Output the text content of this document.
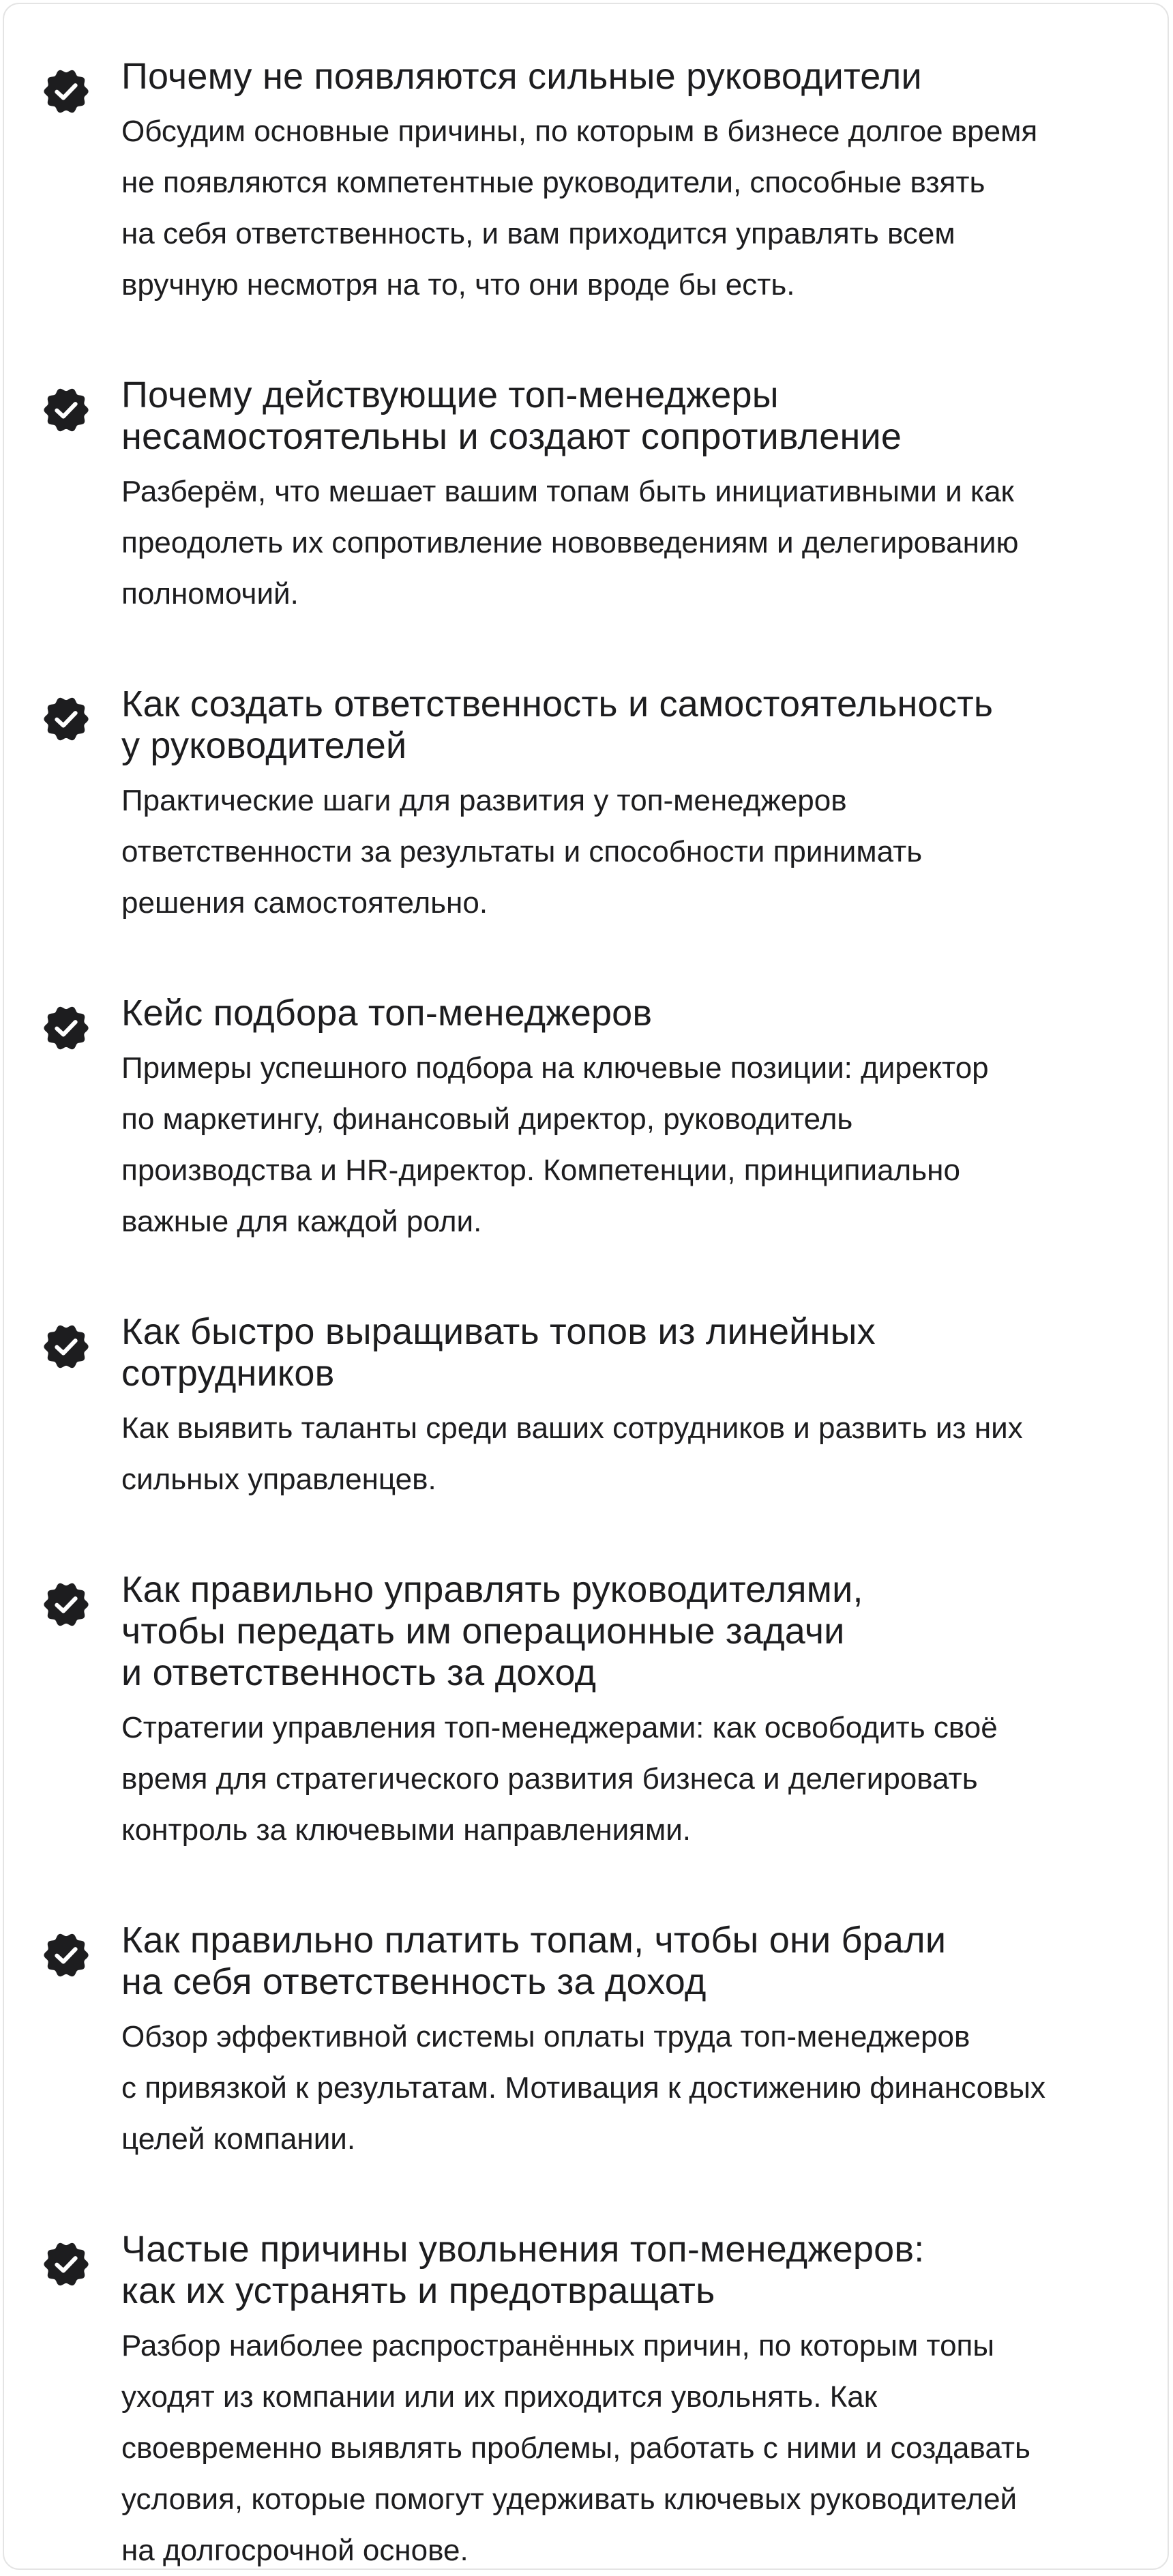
Почему не появляются сильные руководители

Обсудим основные причины, по которым в бизнесе долгое время
не появляются компетентные руководители, способные взять
на себя ответственность, и вам приходится управлять всем
вручную несмотря на то, что они вроде бы есть.

Почему действующие топ-менеджеры
несамостоятельны и создают сопротивление

Разберём, что мешает вашим топам быть инициативными и как
преодолеть их сопротивление нововведениям и делегированию
полномочий.

Как создать ответственность и самостоятельность
у руководителей

Практические шаги для развития у топ-менеджеров
ответственности за результаты и способности принимать
решения самостоятельно.

Кейс подбора топ-менеджеров

Примеры успешного подбора на ключевые позиции: директор
по маркетингу, финансовый директор, руководитель
производства и HR-директор. Компетенции, принципиально
важные для каждой роли.

Как быстро выращивать топов из линейных
сотрудников

Как выявить таланты среди ваших сотрудников и развить из них
сильных управленцев.

Как правильно управлять руководителями,
чтобы передать им операционные задачи
и ответственность за доход

Стратегии управления топ-менеджерами: как освободить своё
время для стратегического развития бизнеса и делегировать
контроль за ключевыми направлениями.

Как правильно платить топам, чтобы они брали
на себя ответственность за доход

Обзор эффективной системы оплаты труда топ-менеджеров
с привязкой к результатам. Мотивация к достижению финансовых
целей компании.

Частые причины увольнения топ-менеджеров:
как их устранять и предотвращать

Разбор наиболее распространённых причин, по которым топы
уходят из компании или их приходится увольнять. Как
своевременно выявлять проблемы, работать с ними и создавать
условия, которые помогут удерживать ключевых руководителей
на долгосрочной основе.
